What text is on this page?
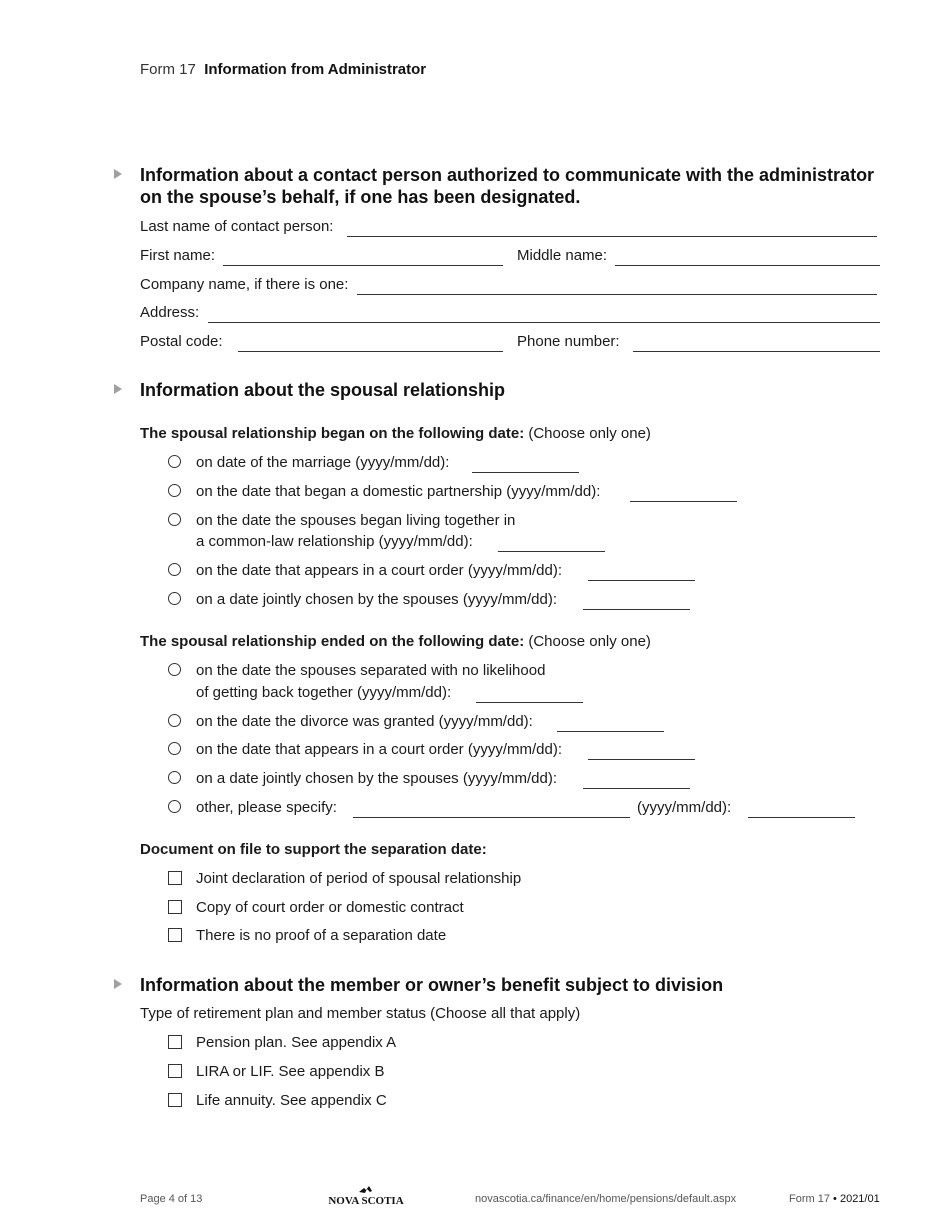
Form 17 Information from Administrator
Information about a contact person authorized to communicate with the administrator
on the spouse’s behalf, if one has been designated.
Last name of contact person:
First name:	Middle name:
Company name, if there is one:
Address:
Postal code:	Phone number:
Information about the spousal relationship
The spousal relationship began on the following date: (Choose only one)
on date of the marriage (yyyy/mm/dd):
on the date that began a domestic partnership (yyyy/mm/dd):
on the date the spouses began living together in
a common-law relationship (yyyy/mm/dd):
on the date that appears in a court order (yyyy/mm/dd):
on a date jointly chosen by the spouses (yyyy/mm/dd):
The spousal relationship ended on the following date: (Choose only one)
on the date the spouses separated with no likelihood
of getting back together (yyyy/mm/dd):
on the date the divorce was granted (yyyy/mm/dd):
on the date that appears in a court order (yyyy/mm/dd):
on a date jointly chosen by the spouses (yyyy/mm/dd):
other, please specify:	(yyyy/mm/dd):
Document on file to support the separation date:
Joint declaration of period of spousal relationship
Copy of court order or domestic contract
There is no proof of a separation date
Information about the member or owner’s benefit subject to division
Type of retirement plan and member status (Choose all that apply)
Pension plan. See appendix A
LIRA or LIF. See appendix B
Life annuity. See appendix C
Page 4 of 13	NOVA SCOTIA	novascotia.ca/finance/en/home/pensions/default.aspx	Form 17 • 2021/01
